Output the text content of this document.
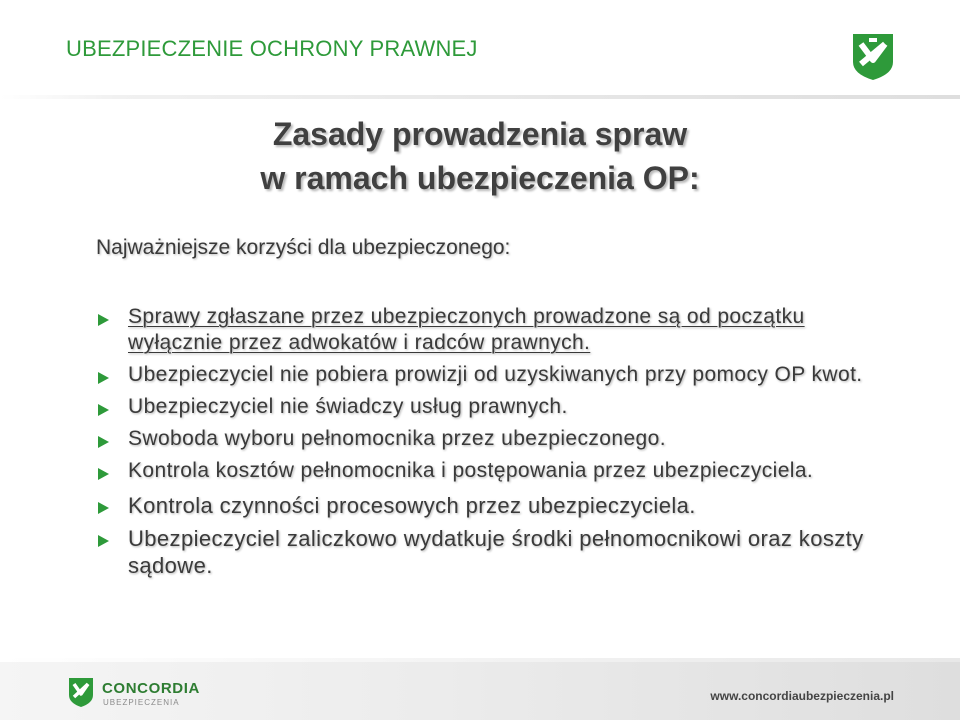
UBEZPIECZENIE OCHRONY PRAWNEJ
Zasady prowadzenia spraw
w ramach ubezpieczenia OP:
Najważniejsze korzyści dla ubezpieczonego:
Sprawy zgłaszane przez ubezpieczonych prowadzone są od początku wyłącznie przez adwokatów i radców prawnych.
Ubezpieczyciel nie pobiera prowizji od uzyskiwanych przy pomocy OP kwot.
Ubezpieczyciel nie świadczy usług prawnych.
Swoboda wyboru pełnomocnika przez ubezpieczonego.
Kontrola kosztów pełnomocnika i postępowania przez ubezpieczyciela.
Kontrola czynności procesowych przez ubezpieczyciela.
Ubezpieczyciel zaliczkowo wydatkuje środki pełnomocnikowi oraz koszty sądowe.
CONCORDIA
UBEZPIECZENIA	www.concordiaubezpieczenia.pl
